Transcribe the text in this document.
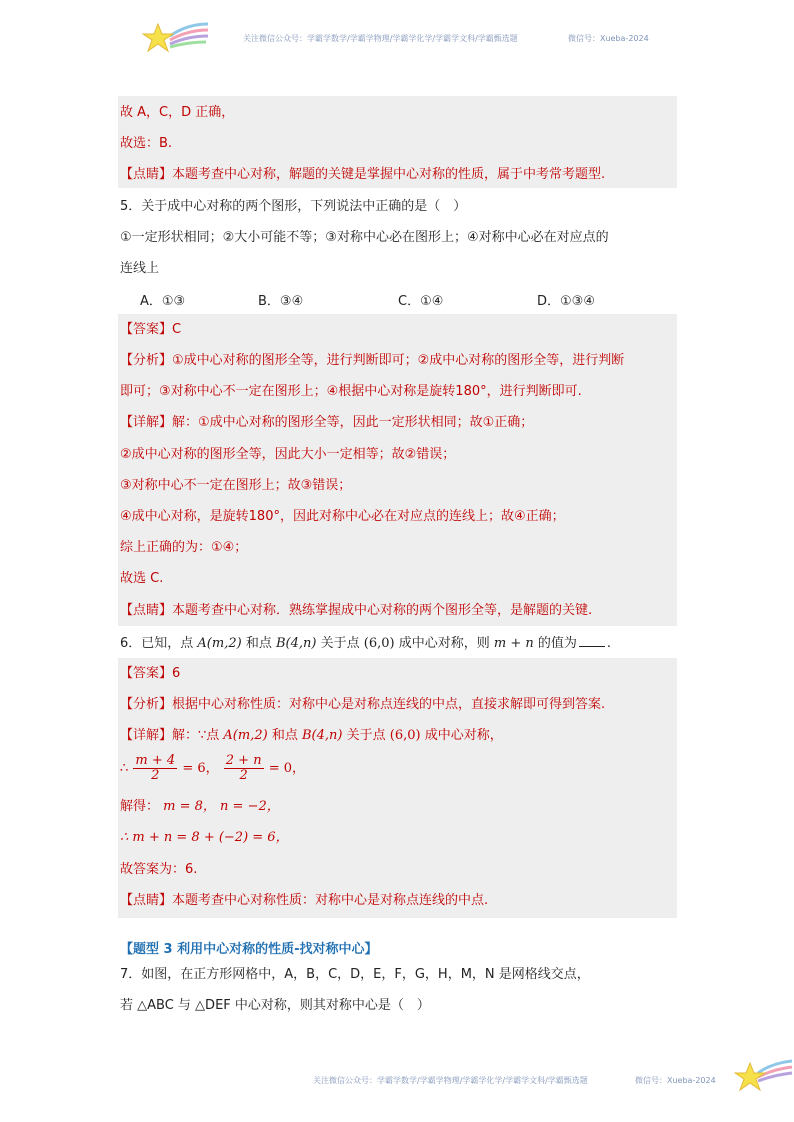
关注微信公众号：学霸学数学/学霸学物理/学霸学化学/学霸学文科/学霸甄选题	微信号：Xueba-2024
故 A，C，D 正确，
故选：B.
【点睛】本题考查中心对称，解题的关键是掌握中心对称的性质，属于中考常考题型.
5．关于成中心对称的两个图形，下列说法中正确的是（　）
①一定形状相同；②大小可能不等；③对称中心必在图形上；④对称中心必在对应点的
连线上
A．①③	B．③④	C．①④	D．①③④
【答案】C
【分析】①成中心对称的图形全等，进行判断即可；②成中心对称的图形全等，进行判断
即可；③对称中心不一定在图形上；④根据中心对称是旋转180°，进行判断即可.
【详解】解：①成中心对称的图形全等，因此一定形状相同；故①正确；
②成中心对称的图形全等，因此大小一定相等；故②错误；
③对称中心不一定在图形上；故③错误；
④成中心对称，是旋转180°，因此对称中心必在对应点的连线上；故④正确；
综上正确的为：①④；
故选 C.
【点睛】本题考查中心对称．熟练掌握成中心对称的两个图形全等，是解题的关键.
6．已知，点 A(m,2) 和点 B(4,n) 关于点 (6,0) 成中心对称，则 m + n 的值为 .
【答案】6
【分析】根据中心对称性质：对称中心是对称点连线的中点，直接求解即可得到答案.
【详解】解：∵点 A(m,2) 和点 B(4,n) 关于点 (6,0) 成中心对称，
∴ $\frac{m + 4}{2} = 6$， $\frac{2 + n}{2} = 0$，
解得： m = 8， n = −2，
∴ m + n = 8 + (−2) = 6，
故答案为：6.
【点睛】本题考查中心对称性质：对称中心是对称点连线的中点.
【题型 3 利用中心对称的性质-找对称中心】
7．如图，在正方形网格中，A，B，C，D，E，F，G，H，M，N 是网格线交点，
若 △ABC 与 △DEF 中心对称，则其对称中心是（　）
关注微信公众号：学霸学数学/学霸学物理/学霸学化学/学霸学文科/学霸甄选题	微信号：Xueba-2024
